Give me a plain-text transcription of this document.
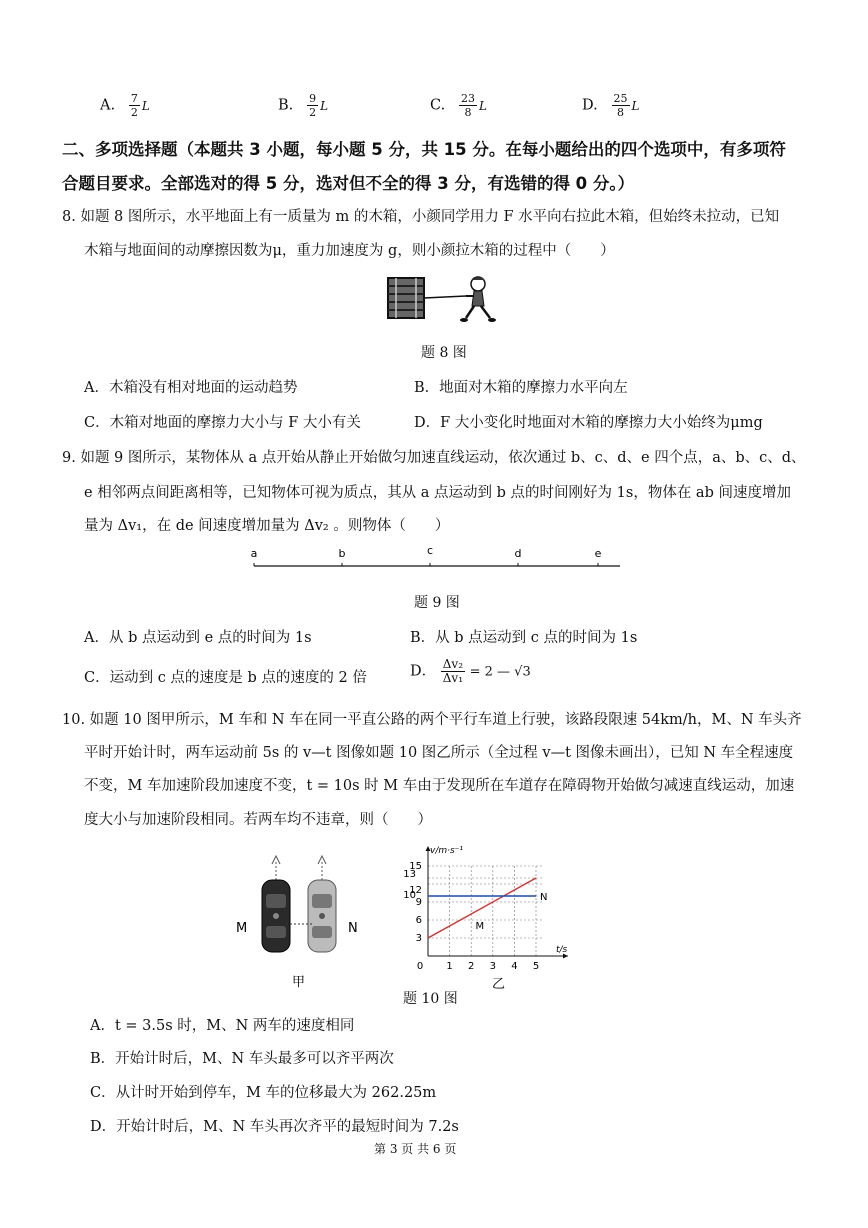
A. $\frac{7}{2}$ L	B. $\frac{9}{2}$ L	C. $\frac{23}{8}$ L	D. $\frac{25}{8}$ L
二、多项选择题（本题共 3 小题，每小题 5 分，共 15 分。在每小题给出的四个选项中，有多项符
合题目要求。全部选对的得 5 分，选对但不全的得 3 分，有选错的得 0 分。）
8. 如题 8 图所示，水平地面上有一质量为 m 的木箱，小颜同学用力 F 水平向右拉此木箱，但始终未拉动，已知
木箱与地面间的动摩擦因数为μ，重力加速度为 g，则小颜拉木箱的过程中（　　）
题 8 图
A．木箱没有相对地面的运动趋势	B．地面对木箱的摩擦力水平向左
C．木箱对地面的摩擦力大小与 F 大小有关	D．F 大小变化时地面对木箱的摩擦力大小始终为μmg
9. 如题 9 图所示，某物体从 a 点开始从静止开始做匀加速直线运动，依次通过 b、c、d、e 四个点，a、b、c、d、
e 相邻两点间距离相等，已知物体可视为质点，其从 a 点运动到 b 点的时间刚好为 1s，物体在 ab 间速度增加
量为 Δv₁，在 de 间速度增加量为 Δv₂ 。则物体（　　）
a	b	c	d	e
题 9 图
A．从 b 点运动到 e 点的时间为 1s	B．从 b 点运动到 c 点的时间为 1s
C．运动到 c 点的速度是 b 点的速度的 2 倍	D． $\frac{\text{Δv₂}}{\text{Δv₁}} = 2$ — √3
10. 如题 10 图甲所示，M 车和 N 车在同一平直公路的两个平行车道上行驶，该路段限速 54km/h，M、N 车头齐
平时开始计时，两车运动前 5s 的 v—t 图像如题 10 图乙所示（全过程 v—t 图像未画出），已知 N 车全程速度
不变，M 车加速阶段加速度不变，t = 10s 时 M 车由于发现所在车道存在障碍物开始做匀减速直线运动，加速
度大小与加速阶段相同。若两车均不违章，则（　　）
M	N
甲
v/m·s⁻¹
t/s
0 1 2 3 4 5
3
6
9
10
12
13
15
M
N
乙
题 10 图
A．t = 3.5s 时，M、N 两车的速度相同
B．开始计时后，M、N 车头最多可以齐平两次
C．从计时开始到停车，M 车的位移最大为 262.25m
D．开始计时后，M、N 车头再次齐平的最短时间为 7.2s
第 3 页 共 6 页
